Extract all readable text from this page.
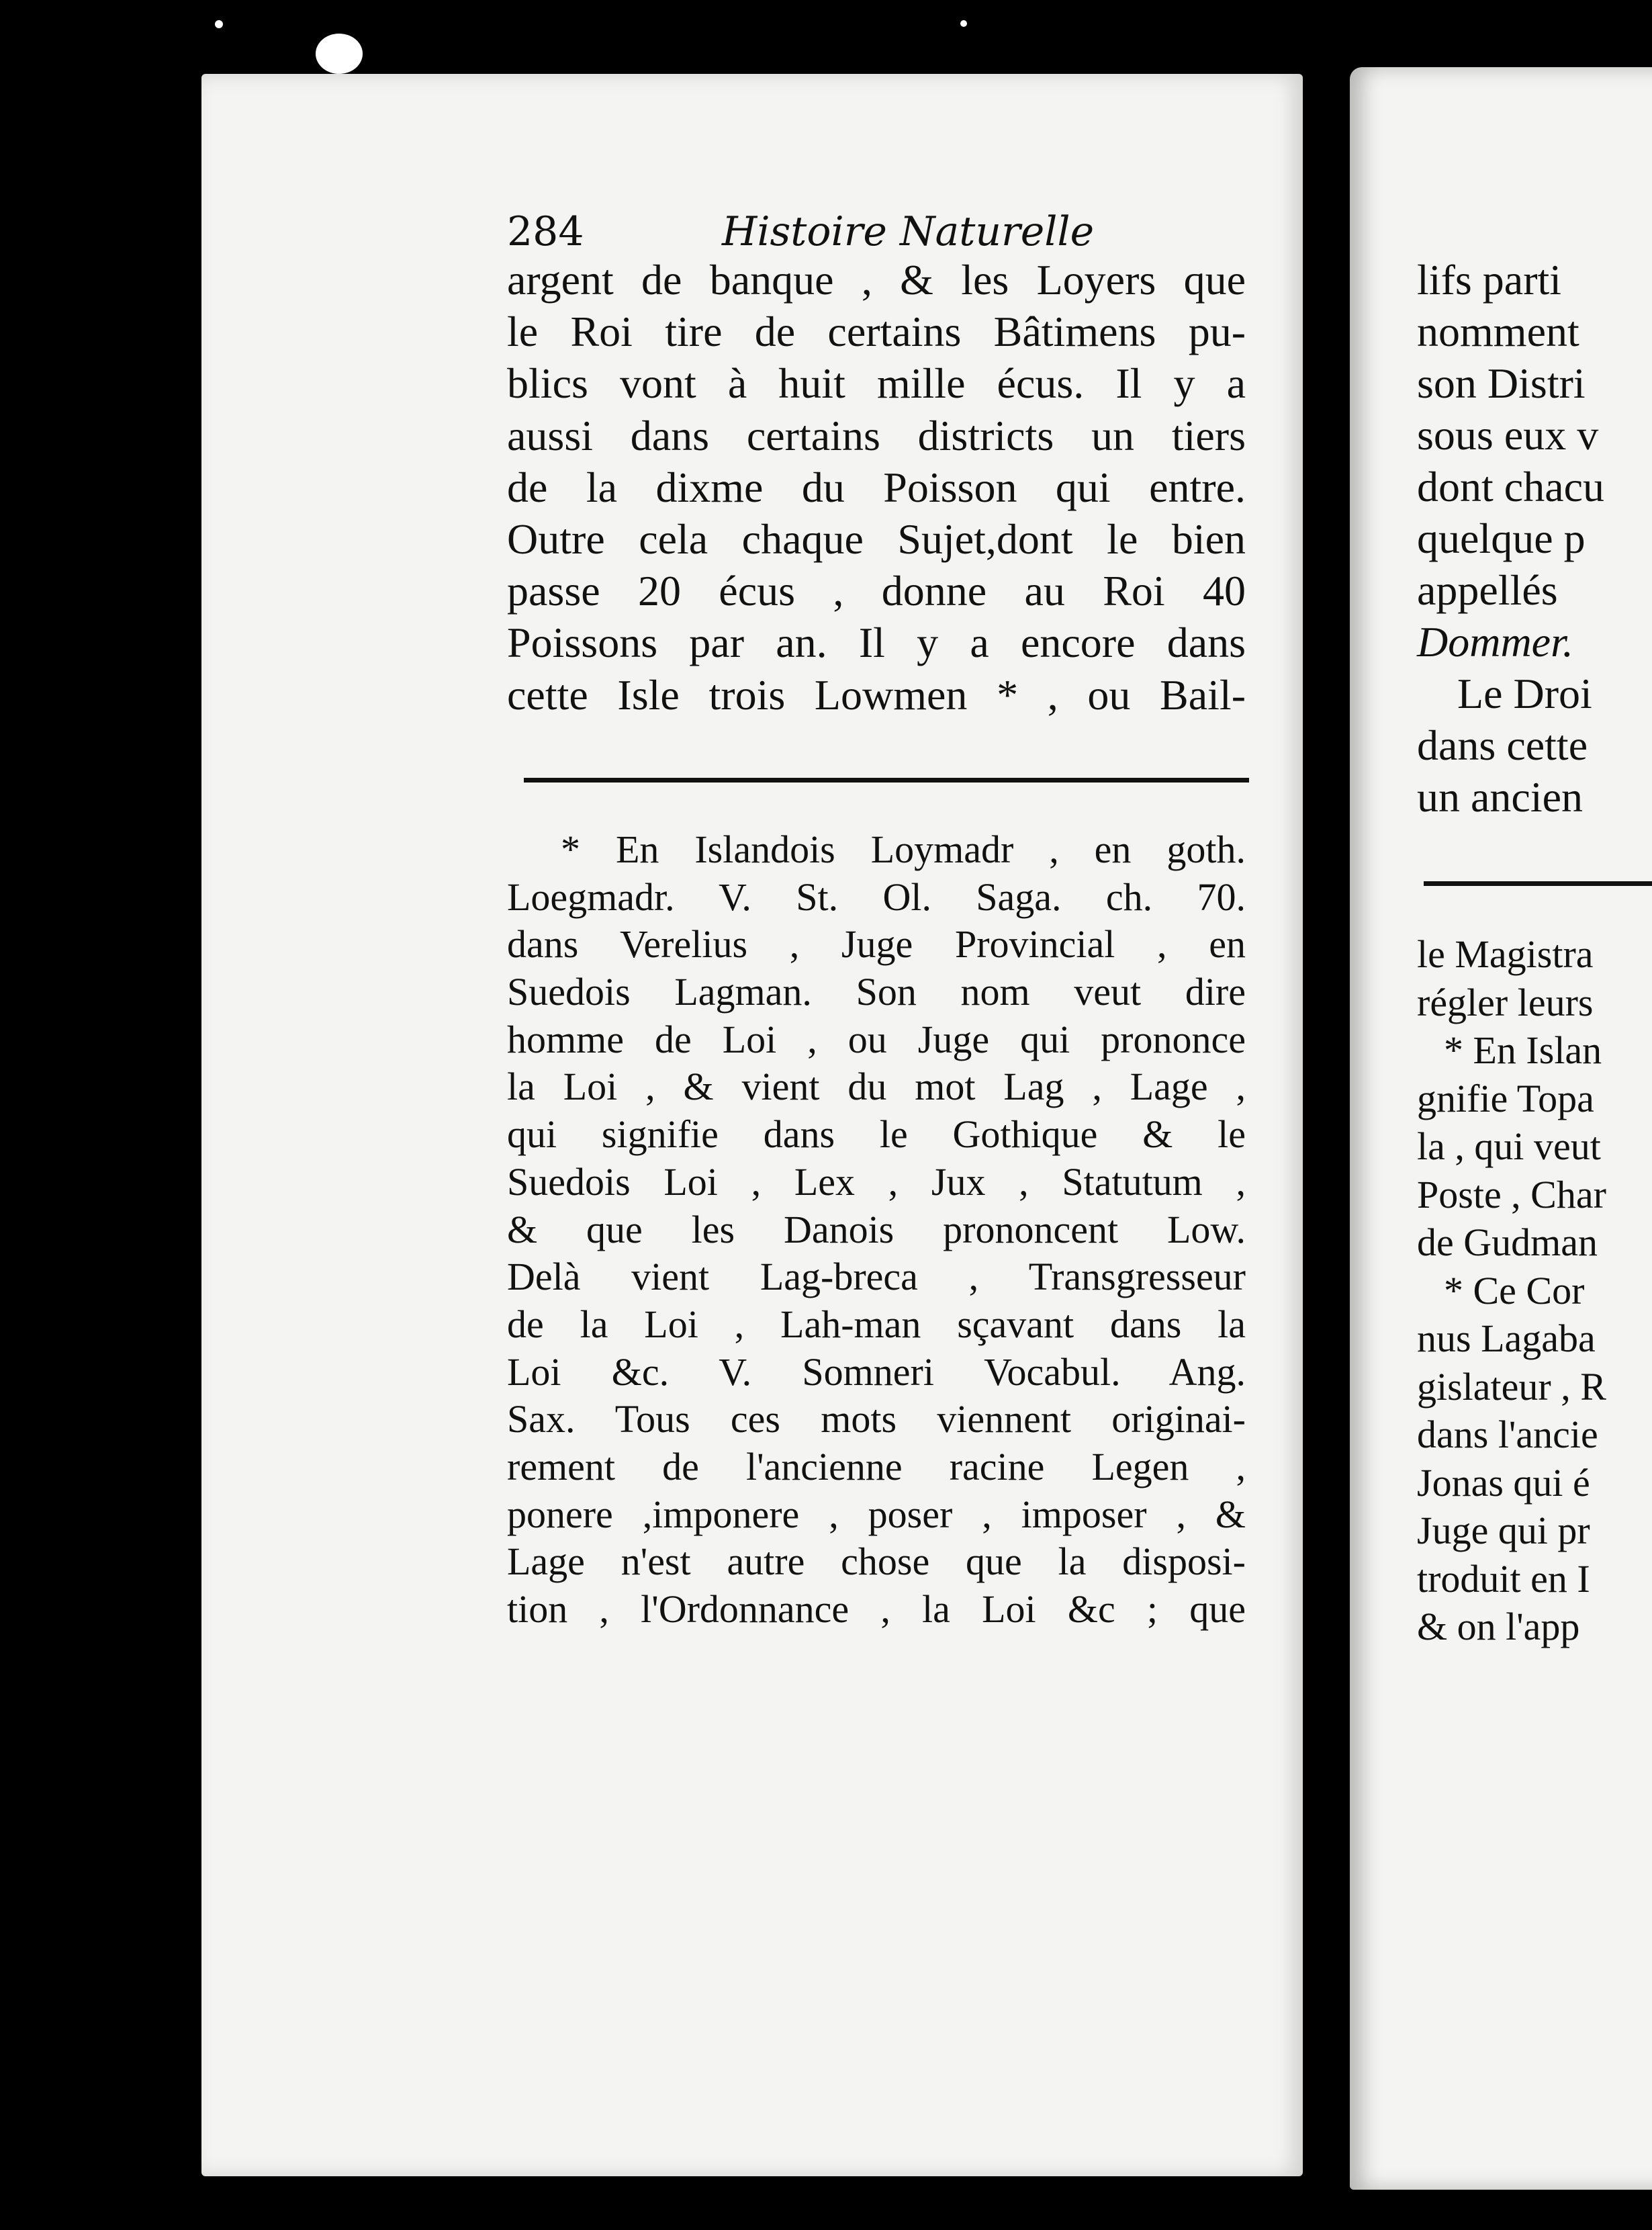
284	Histoire Naturelle
argent de banque , & les Loyers que
le Roi tire de certains Bâtimens pu-
blics vont à huit mille écus. Il y a
aussi dans certains districts un tiers
de la dixme du Poisson qui entre.
Outre cela chaque Sujet,dont le bien
passe 20 écus , donne au Roi 40
Poissons par an. Il y a encore dans
cette Isle trois Lowmen * , ou Bail-
* En Islandois Loymadr , en goth.
Loegmadr. V. St. Ol. Saga. ch. 70.
dans Verelius , Juge Provincial , en
Suedois Lagman. Son nom veut dire
homme de Loi , ou Juge qui prononce
la Loi , & vient du mot Lag , Lage ,
qui signifie dans le Gothique & le
Suedois Loi , Lex , Jux , Statutum ,
& que les Danois prononcent Low.
Delà vient Lag-breca , Transgresseur
de la Loi , Lah-man sçavant dans la
Loi &c. V. Somneri Vocabul. Ang.
Sax. Tous ces mots viennent originai-
rement de l'ancienne racine Legen ,
ponere ,imponere , poser , imposer , &
Lage n'est autre chose que la disposi-
tion , l'Ordonnance , la Loi &c ; que
lifs parti
nomment
son Distri
sous eux v
dont chacu
quelque p
appellés
Dommer.
Le Droi
dans cette
un ancien
le Magistra
régler leurs
* En Islan
gnifie Topa
la , qui veut
Poste , Char
de Gudman
* Ce Cor
nus Lagaba
gislateur , R
dans l'ancie
Jonas qui é
Juge qui pr
troduit en I
& on l'app
